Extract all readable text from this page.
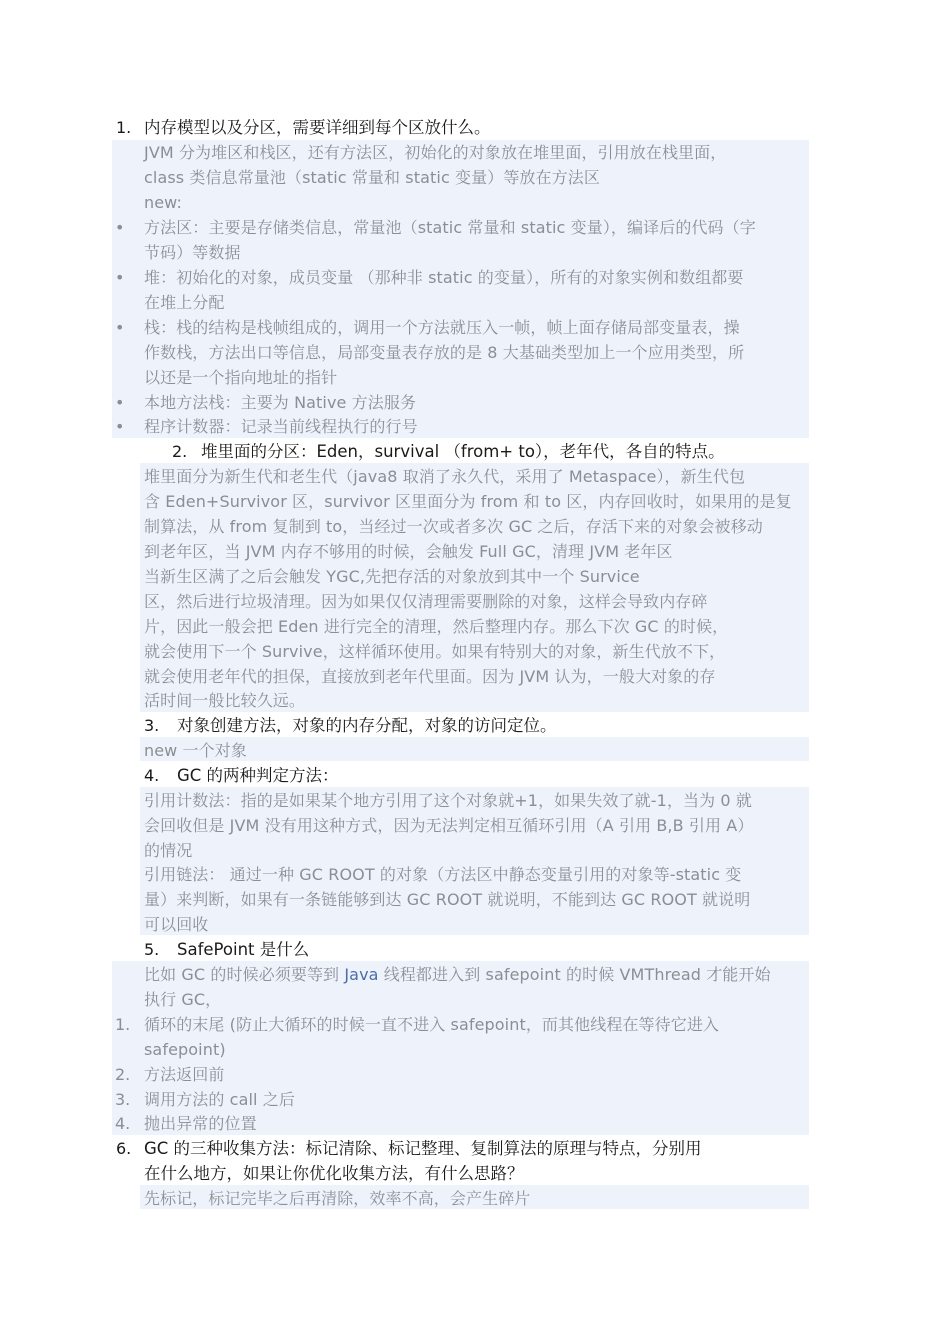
1. 内存模型以及分区，需要详细到每个区放什么。
JVM 分为堆区和栈区，还有方法区，初始化的对象放在堆里面，引用放在栈里面，
class 类信息常量池（static 常量和 static 变量）等放在方法区
new:
• 方法区：主要是存储类信息，常量池（static 常量和 static 变量），编译后的代码（字
节码）等数据
• 堆：初始化的对象，成员变量 （那种非 static 的变量），所有的对象实例和数组都要
在堆上分配
• 栈：栈的结构是栈帧组成的，调用一个方法就压入一帧，帧上面存储局部变量表，操
作数栈，方法出口等信息，局部变量表存放的是 8 大基础类型加上一个应用类型，所
以还是一个指向地址的指针
• 本地方法栈：主要为 Native 方法服务
• 程序计数器：记录当前线程执行的行号
2. 堆里面的分区：Eden，survival （from+ to），老年代，各自的特点。
堆里面分为新生代和老生代（java8 取消了永久代，采用了 Metaspace），新生代包
含 Eden+Survivor 区，survivor 区里面分为 from 和 to 区，内存回收时，如果用的是复
制算法，从 from 复制到 to，当经过一次或者多次 GC 之后，存活下来的对象会被移动
到老年区，当 JVM 内存不够用的时候，会触发 Full GC，清理 JVM 老年区
当新生区满了之后会触发 YGC,先把存活的对象放到其中一个 Survice
区，然后进行垃圾清理。因为如果仅仅清理需要删除的对象，这样会导致内存碎
片，因此一般会把 Eden 进行完全的清理，然后整理内存。那么下次 GC 的时候，
就会使用下一个 Survive，这样循环使用。如果有特别大的对象，新生代放不下，
就会使用老年代的担保，直接放到老年代里面。因为 JVM 认为，一般大对象的存
活时间一般比较久远。
3. 对象创建方法，对象的内存分配，对象的访问定位。
new 一个对象
4. GC 的两种判定方法：
引用计数法：指的是如果某个地方引用了这个对象就+1，如果失效了就-1，当为 0 就
会回收但是 JVM 没有用这种方式，因为无法判定相互循环引用（A 引用 B,B 引用 A）
的情况
引用链法： 通过一种 GC ROOT 的对象（方法区中静态变量引用的对象等-static 变
量）来判断，如果有一条链能够到达 GC ROOT 就说明，不能到达 GC ROOT 就说明
可以回收
5. SafePoint 是什么
比如 GC 的时候必须要等到 Java 线程都进入到 safepoint 的时候 VMThread 才能开始
执行 GC，
1. 循环的末尾 (防止大循环的时候一直不进入 safepoint，而其他线程在等待它进入
safepoint)
2. 方法返回前
3. 调用方法的 call 之后
4. 抛出异常的位置
6. GC 的三种收集方法：标记清除、标记整理、复制算法的原理与特点，分别用
在什么地方，如果让你优化收集方法，有什么思路？
先标记，标记完毕之后再清除，效率不高，会产生碎片
